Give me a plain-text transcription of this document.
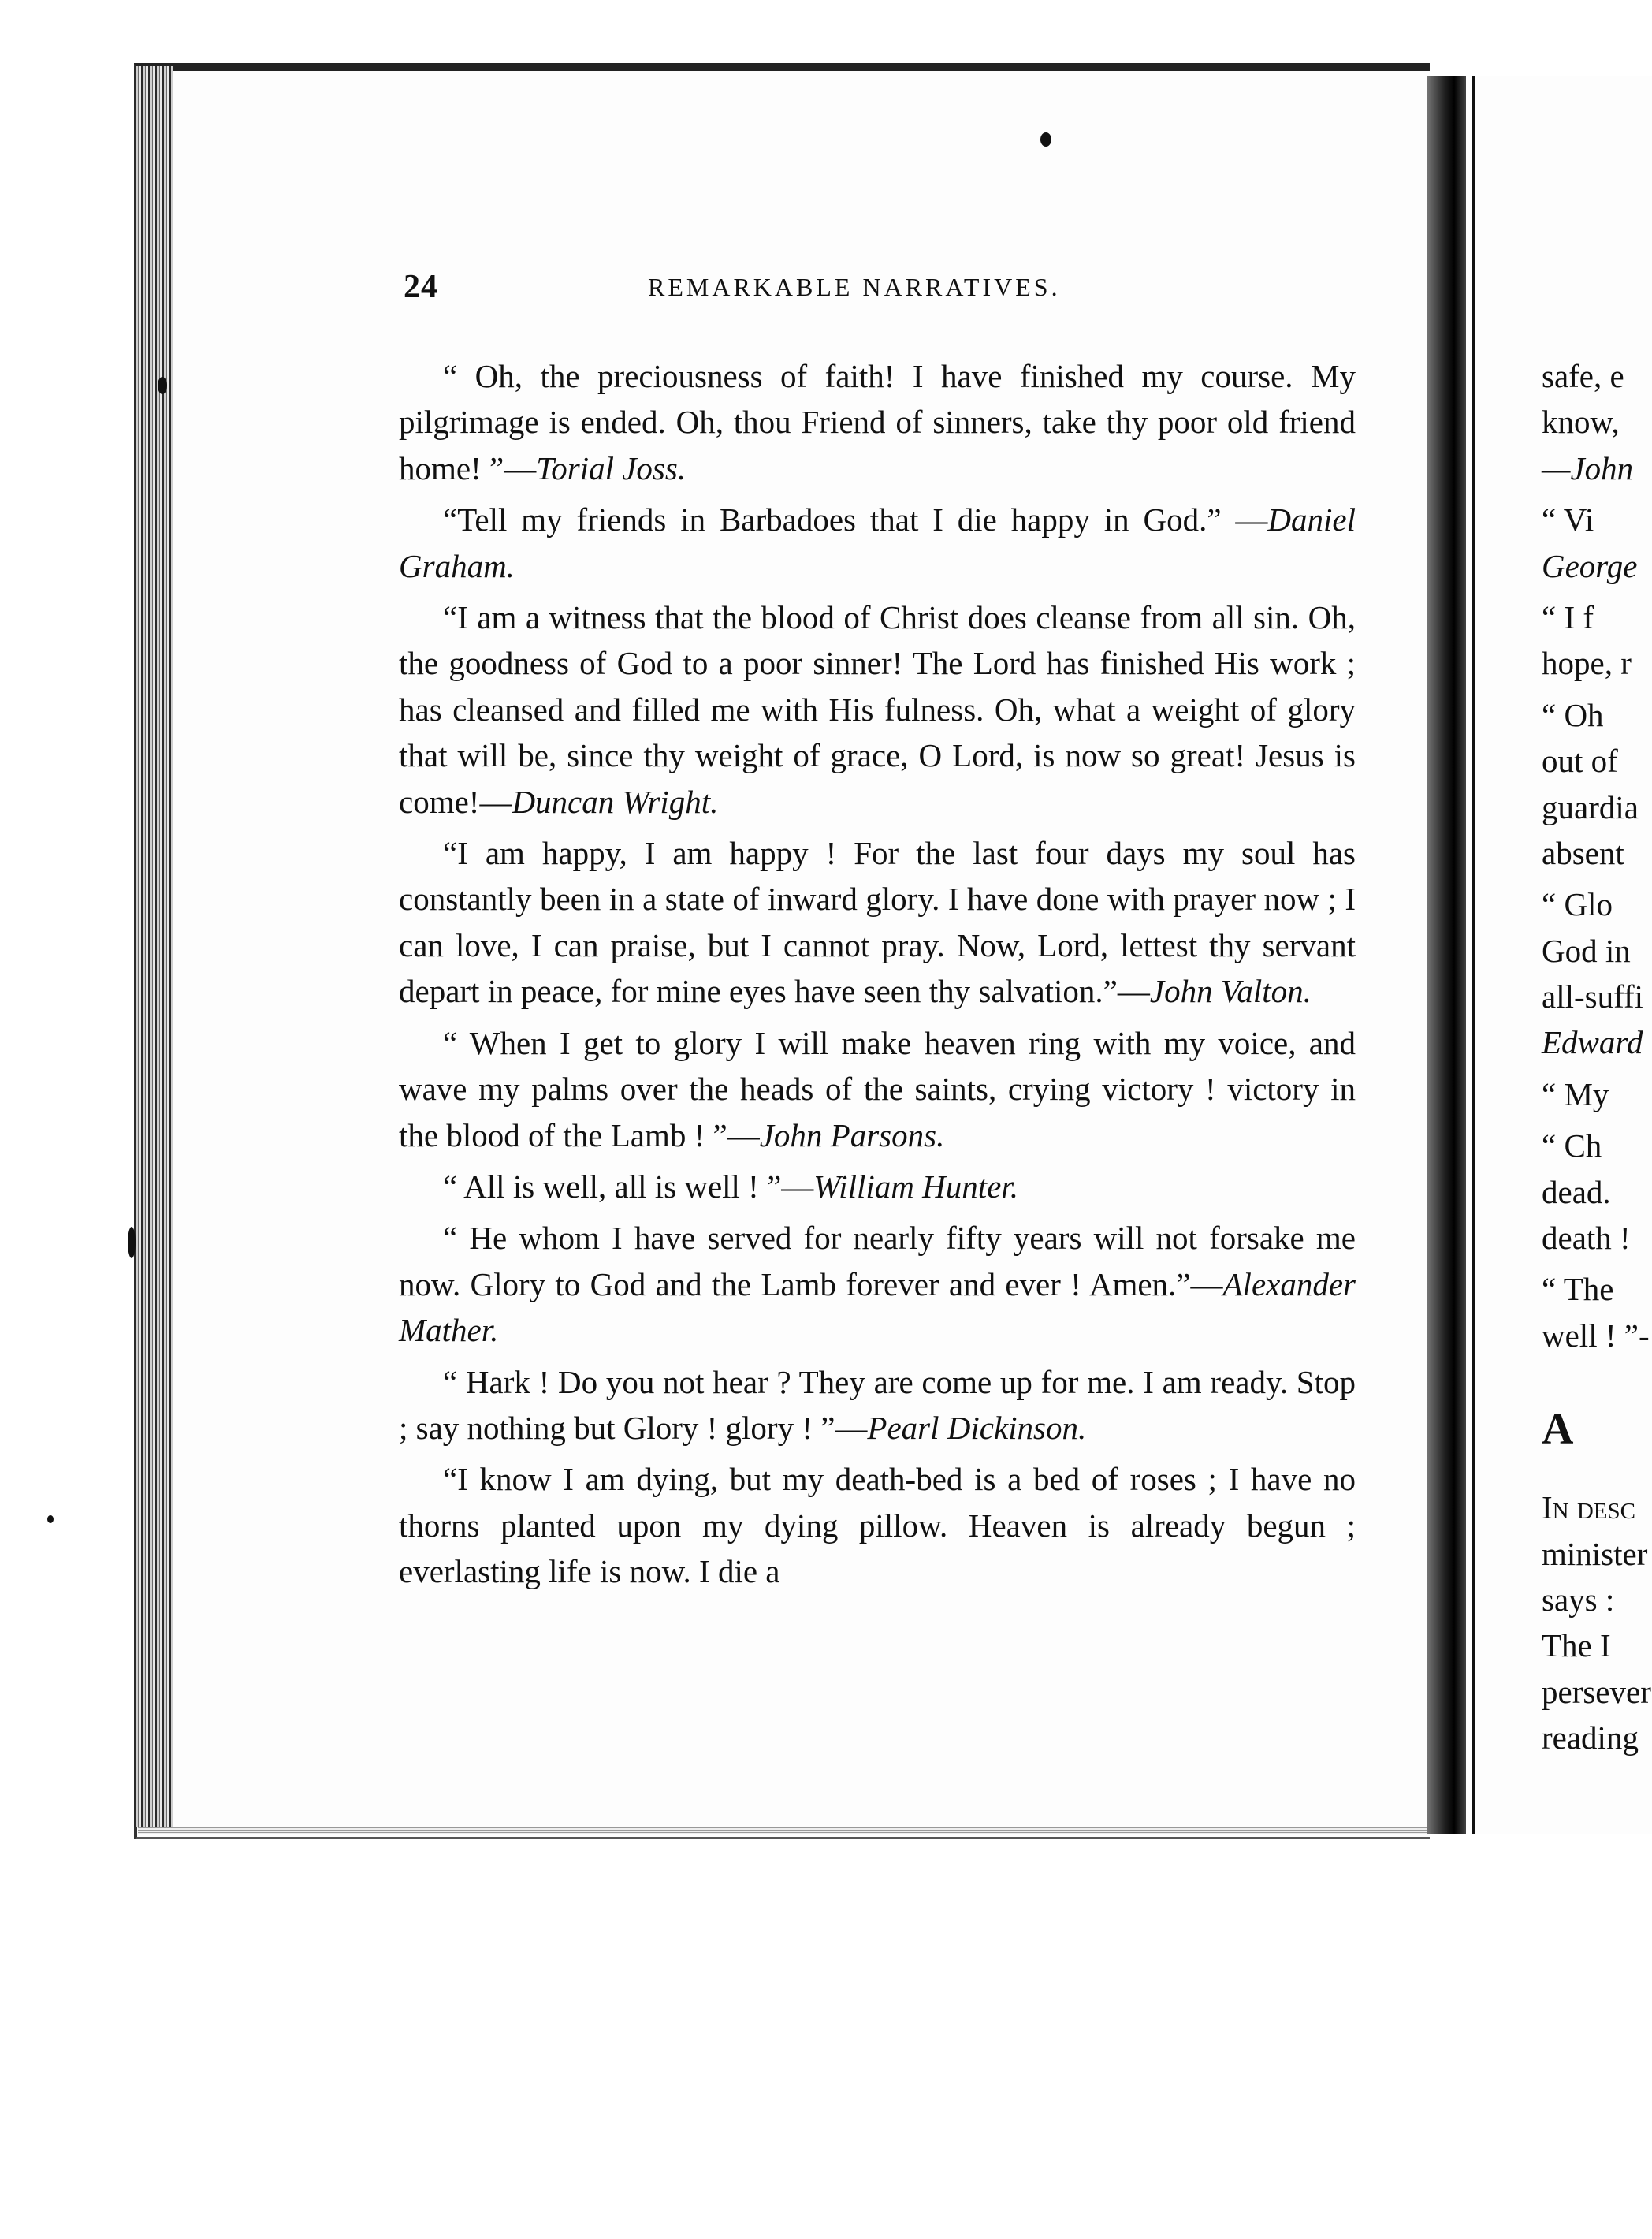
24	REMARKABLE NARRATIVES.

“ Oh, the preciousness of faith! I have finished my course. My pilgrimage is ended. Oh, thou Friend of sinners, take thy poor old friend home! ”—Torial Joss.

“Tell my friends in Barbadoes that I die happy in God.” —Daniel Graham.

“I am a witness that the blood of Christ does cleanse from all sin. Oh, the goodness of God to a poor sinner! The Lord has finished His work ; has cleansed and filled me with His fulness. Oh, what a weight of glory that will be, since thy weight of grace, O Lord, is now so great! Jesus is come!—Duncan Wright.

“I am happy, I am happy ! For the last four days my soul has constantly been in a state of inward glory. I have done with prayer now ; I can love, I can praise, but I cannot pray. Now, Lord, lettest thy servant depart in peace, for mine eyes have seen thy salvation.”—John Valton.

“ When I get to glory I will make heaven ring with my voice, and wave my palms over the heads of the saints, crying victory ! victory in the blood of the Lamb ! ”—John Parsons.

“ All is well, all is well ! ”—William Hunter.

“ He whom I have served for nearly fifty years will not forsake me now. Glory to God and the Lamb forever and ever ! Amen.”—Alexander Mather.

“ Hark ! Do you not hear ? They are come up for me. I am ready. Stop ; say nothing but Glory ! glory ! ”—Pearl Dickinson.

“I know I am dying, but my death-bed is a bed of roses ; I have no thorns planted upon my dying pillow. Heaven is already begun ; everlasting life is now. I die a

safe, e
know,
—John
“ Vi
George
“ I f
hope, r
“ Oh
out of
guardia
absent
“ Glo
God in
all-suffi
Edward
“ My
“ Ch
dead.
death !
“ The
well ! ”-
A
In desc
minister
says :
The I
persever
reading
